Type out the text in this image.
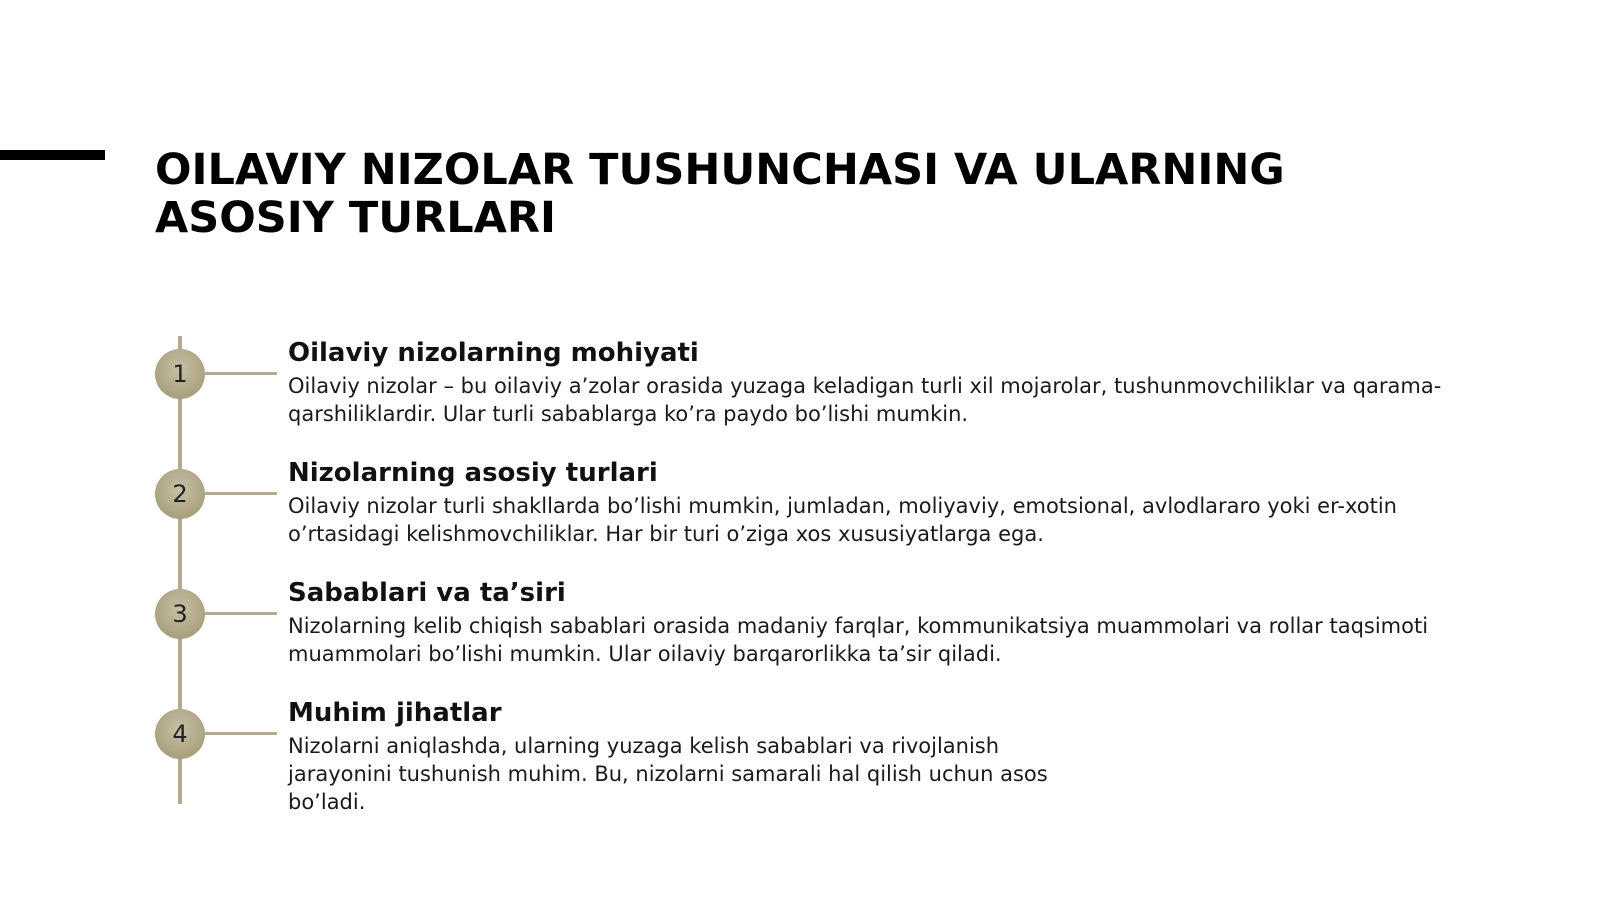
OILAVIY NIZOLAR TUSHUNCHASI VA ULARNING ASOSIY TURLARI
1
Oilaviy nizolarning mohiyati

Oilaviy nizolar – bu oilaviy a’zolar orasida yuzaga keladigan turli xil mojarolar, tushunmovchiliklar va qarama-qarshiliklardir. Ular turli sabablarga ko’ra paydo bo’lishi mumkin.

2
Nizolarning asosiy turlari

Oilaviy nizolar turli shakllarda bo’lishi mumkin, jumladan, moliyaviy, emotsional, avlodlararo yoki er-xotin o’rtasidagi kelishmovchiliklar. Har bir turi o’ziga xos xususiyatlarga ega.

3
Sabablari va ta’siri

Nizolarning kelib chiqish sabablari orasida madaniy farqlar, kommunikatsiya muammolari va rollar taqsimoti muammolari bo’lishi mumkin. Ular oilaviy barqarorlikka ta’sir qiladi.

4
Muhim jihatlar

Nizolarni aniqlashda, ularning yuzaga kelish sabablari va rivojlanish jarayonini tushunish muhim. Bu, nizolarni samarali hal qilish uchun asos bo’ladi.
